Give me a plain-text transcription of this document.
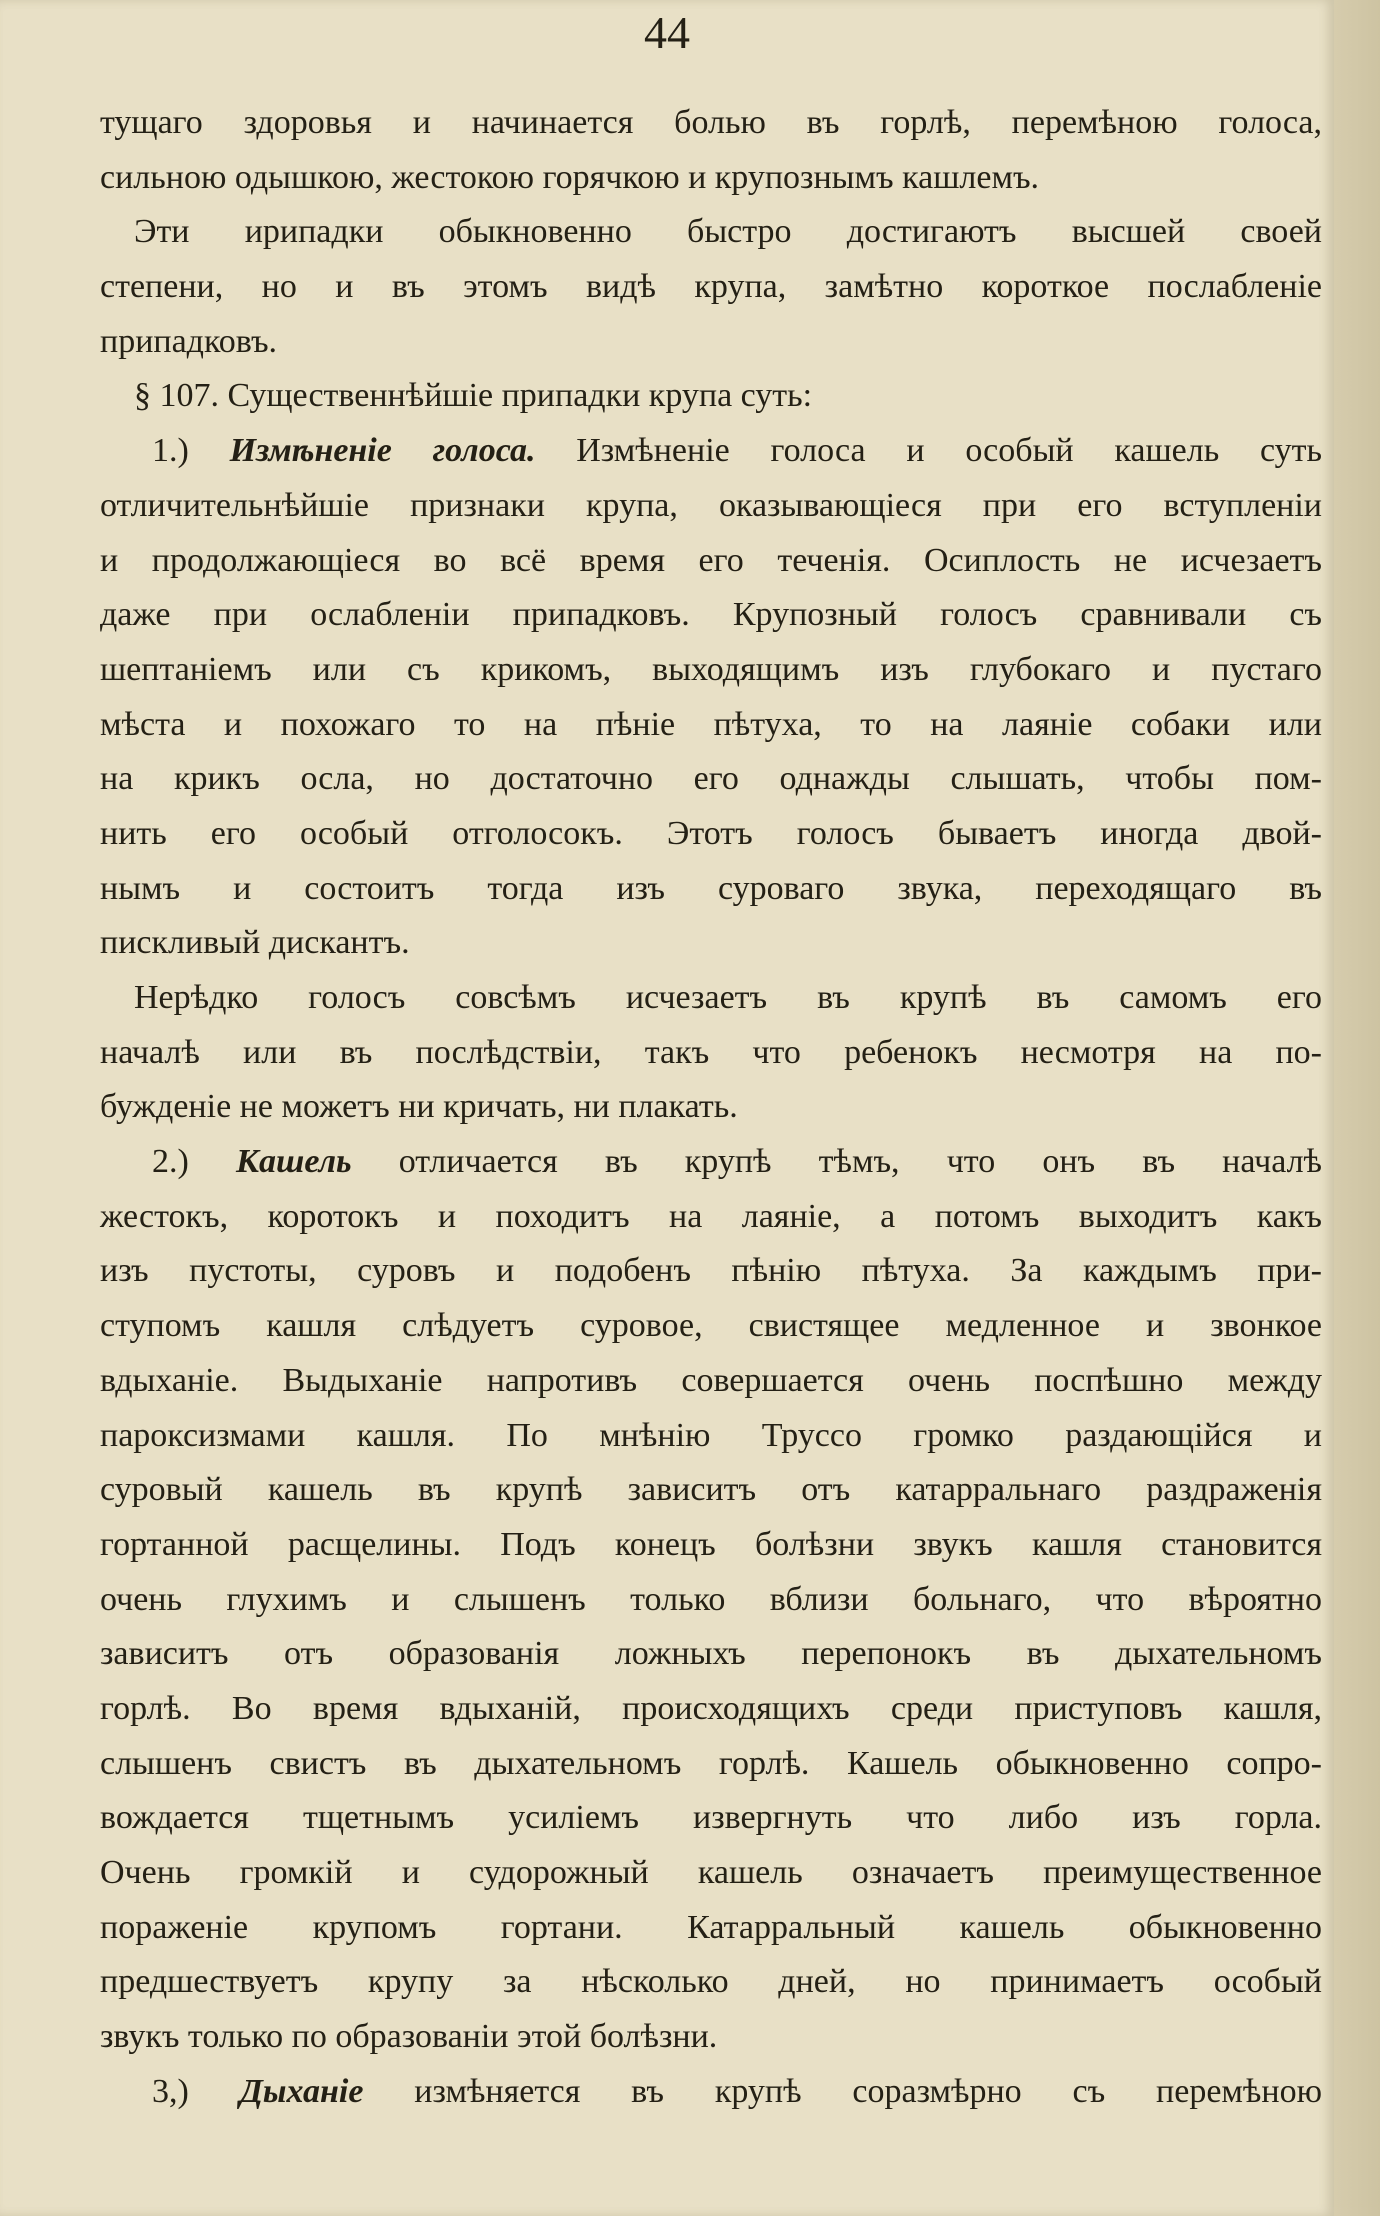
44
тущаго здоровья и начинается болью въ горлѣ, перемѣною голоса,
сильною одышкою, жестокою горячкою и крупознымъ кашлемъ.
Эти ирипадки обыкновенно быстро достигаютъ высшей своей
степени, но и въ этомъ видѣ крупа, замѣтно короткое послабленіе
припадковъ.
§ 107. Существеннѣйшіе припадки крупа суть:
1.) Измѣненіе голоса. Измѣненіе голоса и особый кашель суть
отличительнѣйшіе признаки крупа, оказывающіеся при его вступленіи
и продолжающіеся во всё время его теченія. Осиплость не исчезаетъ
даже при ослабленіи припадковъ. Крупозный голосъ сравнивали съ
шептаніемъ или съ крикомъ, выходящимъ изъ глубокаго и пустаго
мѣста и похожаго то на пѣніе пѣтуха, то на лаяніе собаки или
на крикъ осла, но достаточно его однажды слышать, чтобы пом-
нить его особый отголосокъ. Этотъ голосъ бываетъ иногда двой-
нымъ и состоитъ тогда изъ суроваго звука, переходящаго въ
пискливый дискантъ.
Нерѣдко голосъ совсѣмъ исчезаетъ въ крупѣ въ самомъ его
началѣ или въ послѣдствіи, такъ что ребенокъ несмотря на по-
бужденіе не можетъ ни кричать, ни плакать.
2.) Кашель отличается въ крупѣ тѣмъ, что онъ въ началѣ
жестокъ, коротокъ и походитъ на лаяніе, а потомъ выходитъ какъ
изъ пустоты, суровъ и подобенъ пѣнію пѣтуха. За каждымъ при-
ступомъ кашля слѣдуетъ суровое, свистящее медленное и звонкое
вдыханіе. Выдыханіе напротивъ совершается очень поспѣшно между
пароксизмами кашля. По мнѣнію Труссо громко раздающійся и
суровый кашель въ крупѣ зависитъ отъ катарральнаго раздраженія
гортанной расщелины. Подъ конецъ болѣзни звукъ кашля становится
очень глухимъ и слышенъ только вблизи больнаго, что вѣроятно
зависитъ отъ образованія ложныхъ перепонокъ въ дыхательномъ
горлѣ. Во время вдыханій, происходящихъ среди приступовъ кашля,
слышенъ свистъ въ дыхательномъ горлѣ. Кашель обыкновенно сопро-
вождается тщетнымъ усиліемъ извергнуть что либо изъ горла.
Очень громкій и судорожный кашель означаетъ преимущественное
пораженіе крупомъ гортани. Катарральный кашель обыкновенно
предшествуетъ крупу за нѣсколько дней, но принимаетъ особый
звукъ только по образованіи этой болѣзни.
3,) Дыханіе измѣняется въ крупѣ соразмѣрно съ перемѣною
